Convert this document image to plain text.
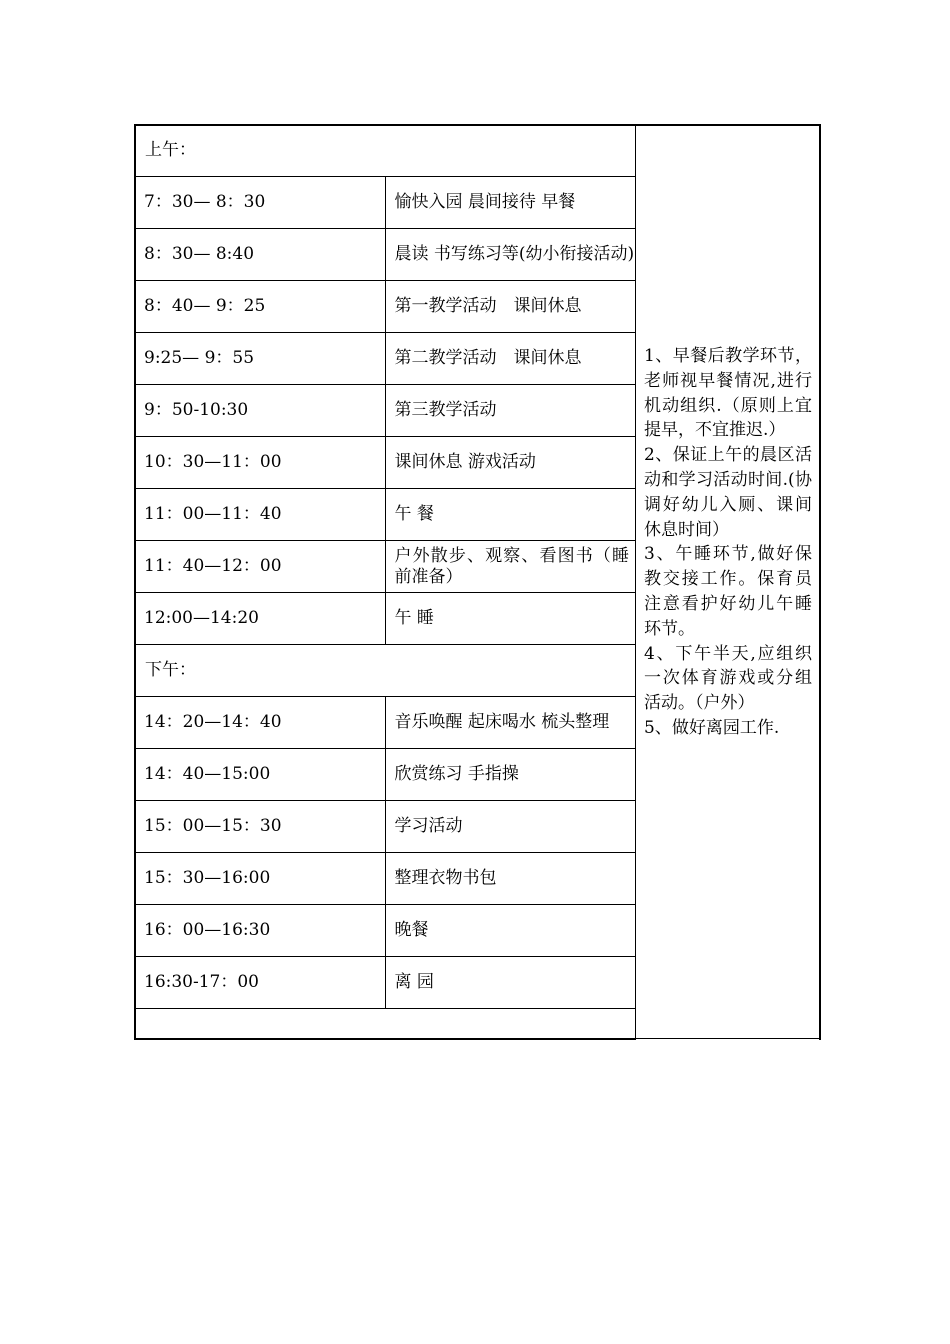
上午：	
7：30— 8：30	愉快入园 晨间接待 早餐
8：30— 8:40	晨读 书写练习等(幼小衔接活动)
8：40— 9：25	第一教学活动　课间休息
9:25— 9：55	第二教学活动　课间休息
9：50-10:30	第三教学活动
10：30—11：00	课间休息 游戏活动
11：00—11：40	午 餐
11：40—12：00	户外散步、观察、看图书（睡前准备）
12:00—14:20	午 睡
下午：	
14：20—14：40	音乐唤醒 起床喝水 梳头整理
14：40—15:00	欣赏练习 手指操
15：00—15：30	学习活动
15：30—16:00	整理衣物书包
16：00—16:30	晚餐
16:30-17：00	离 园

1、早餐后教学环节，老师视早餐情况,进行机动组织.（原则上宜提早，不宜推迟.）

2、保证上午的晨区活动和学习活动时间.(协调好幼儿入厕、课间休息时间）

3、午睡环节,做好保教交接工作。保育员注意看护好幼儿午睡环节。

4、下午半天,应组织一次体育游戏或分组活动。（户外）

5、做好离园工作.
